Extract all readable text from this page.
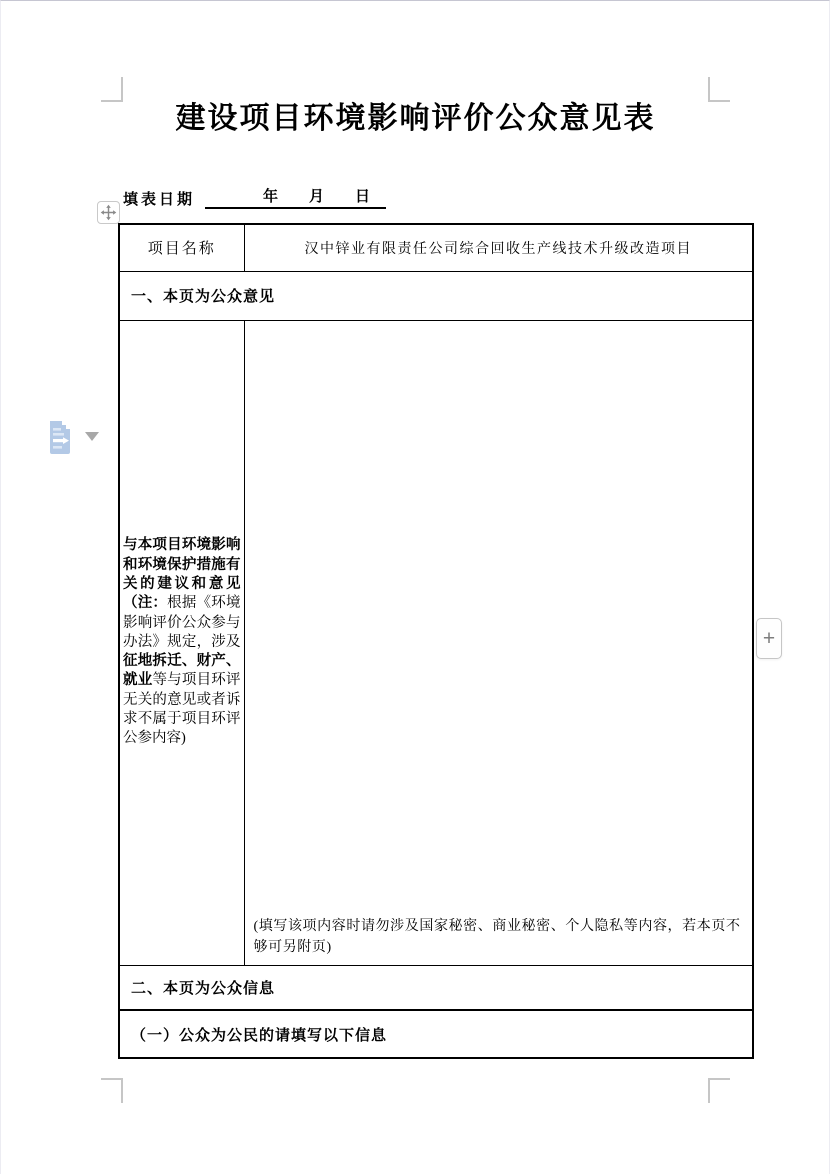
+
建设项目环境影响评价公众意见表
填表日期	年　月　日
项目名称	汉中锌业有限责任公司综合回收生产线技术升级改造项目
一、本页为公众意见	
与本项目环境影响和环境保护措施有关的建议和意见（注：根据《环境影响评价公众参与办法》规定，涉及征地拆迁、财产、就业等与项目环评无关的意见或者诉求不属于项目环评公参内容)	(填写该项内容时请勿涉及国家秘密、商业秘密、个人隐私等内容，若本页不够可另附页)
二、本页为公众信息	
（一）公众为公民的请填写以下信息	
